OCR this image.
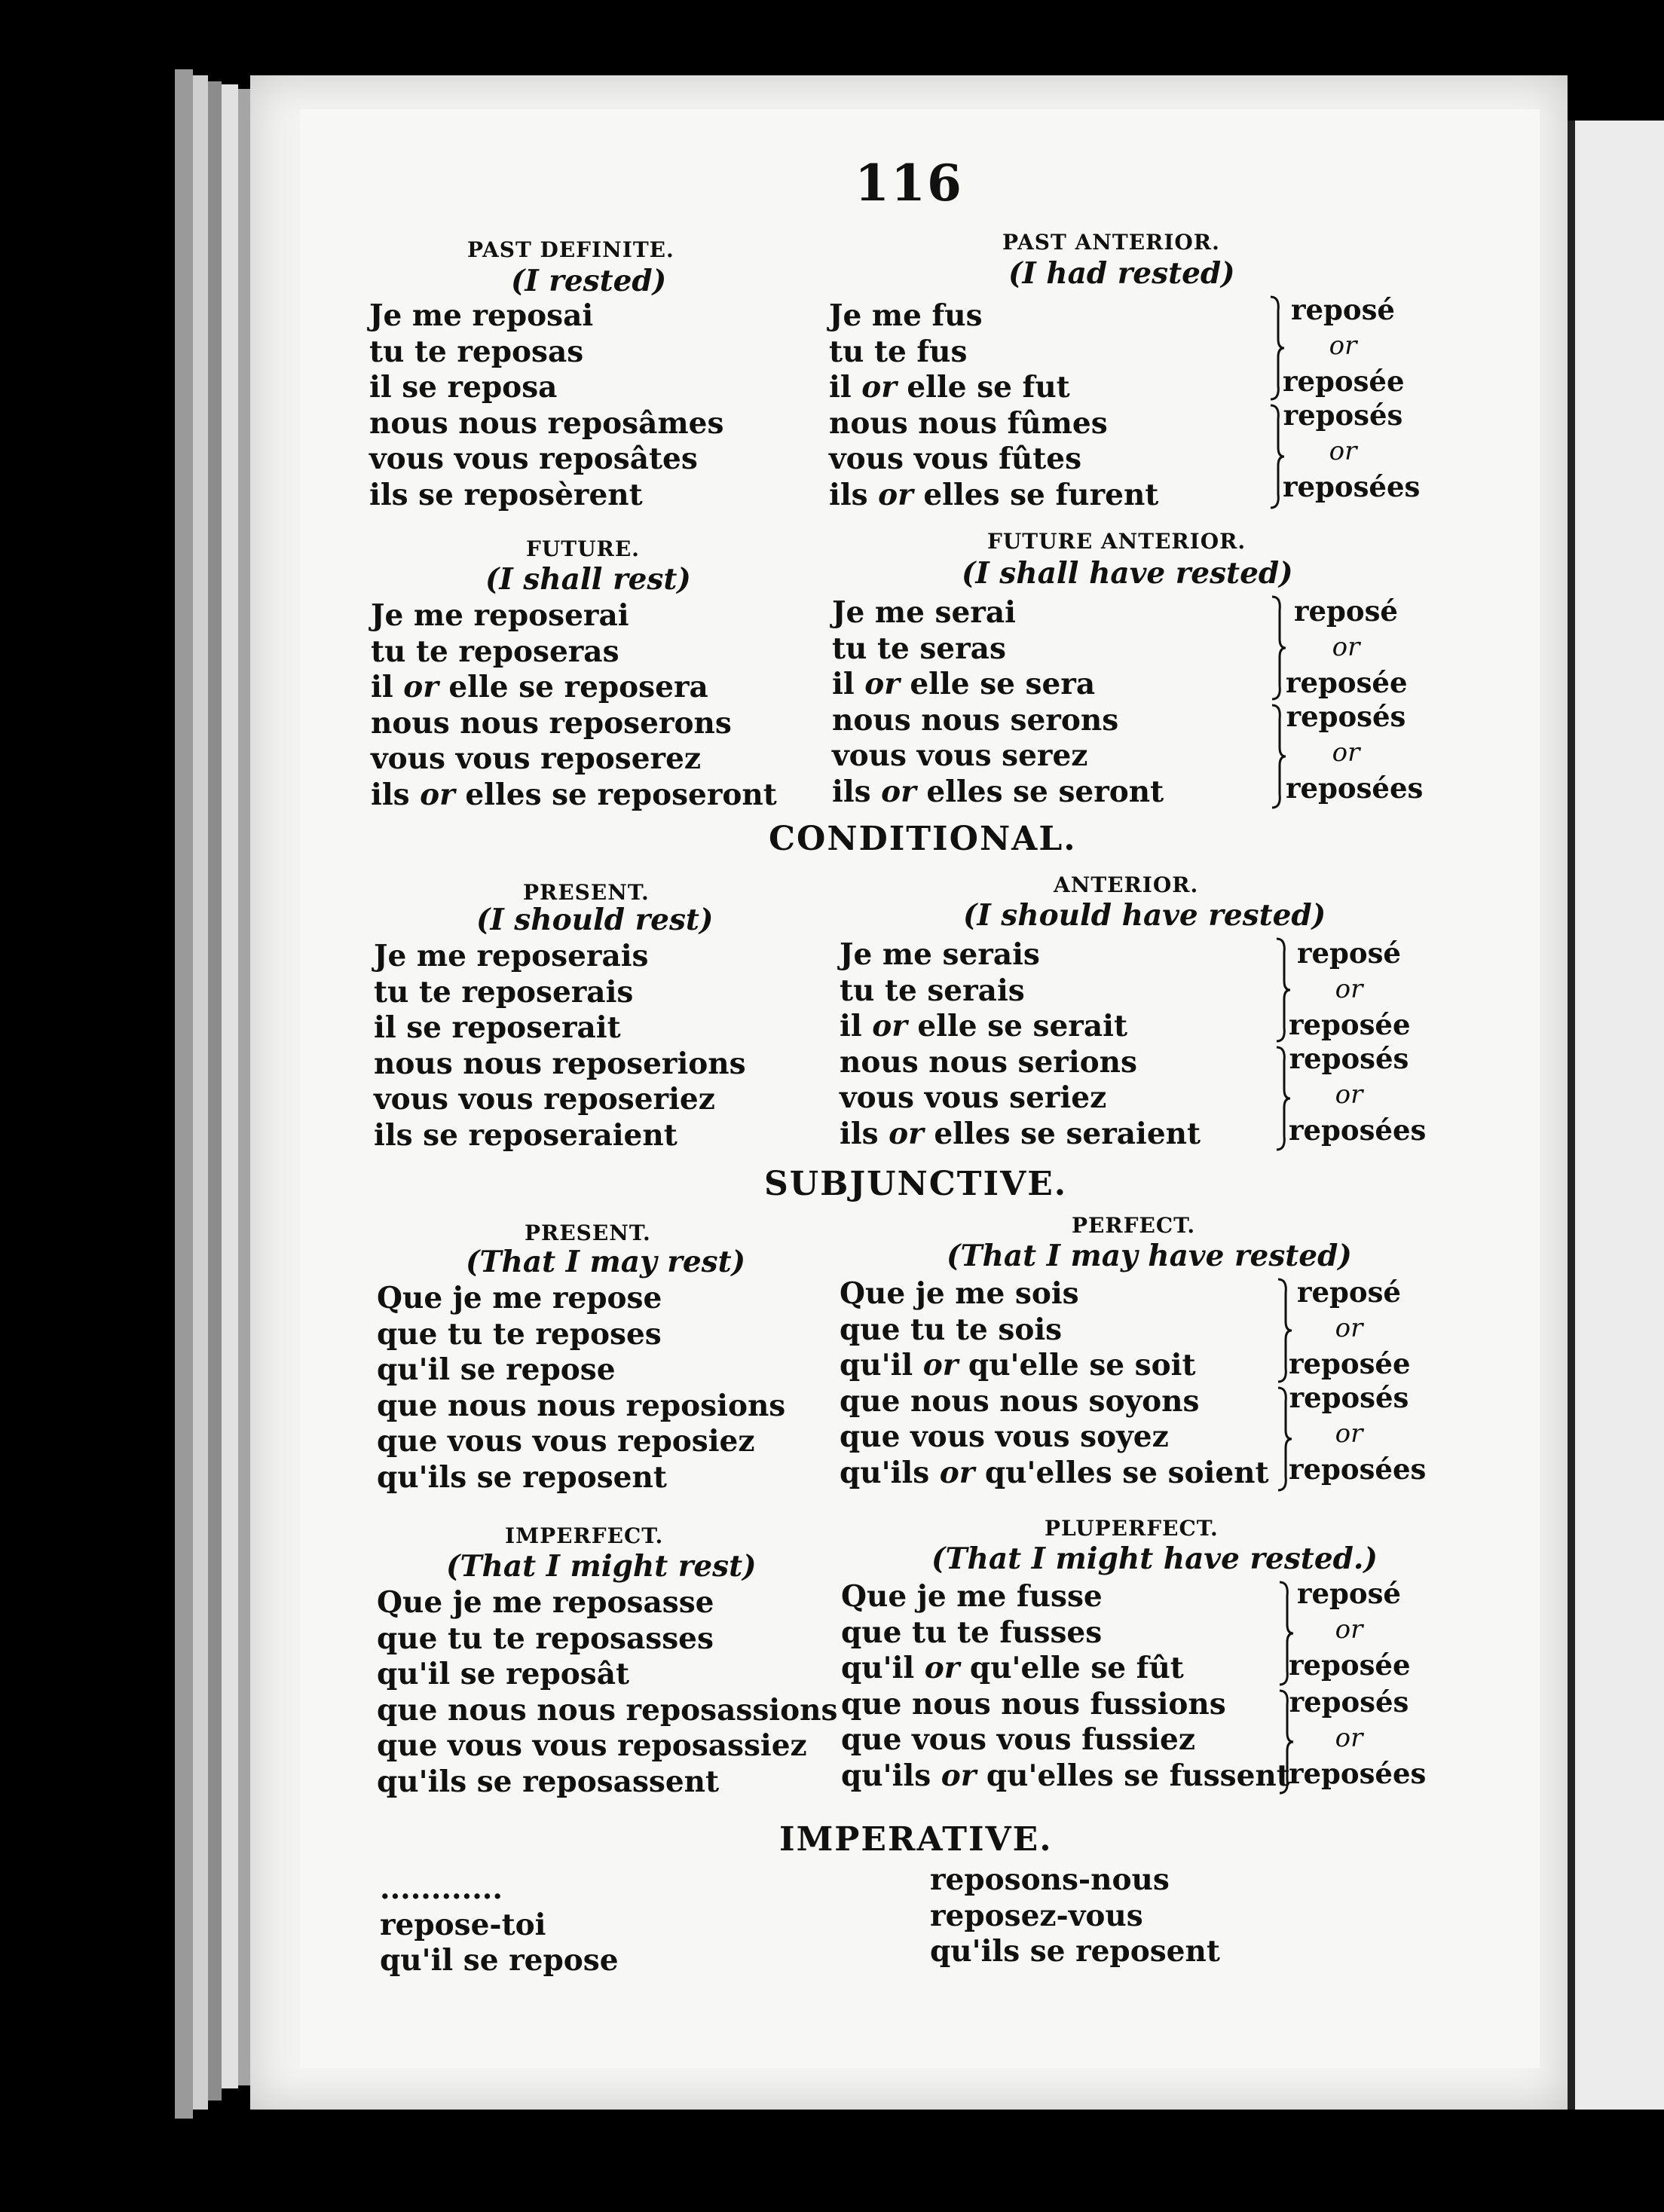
116
PAST DEFINITE.
(I rested)
Je me reposai
tu te reposas
il se reposa
nous nous reposâmes
vous vous reposâtes
ils se reposèrent
PAST ANTERIOR.
(I had rested)
Je me fus
tu te fus
il or elle se fut
nous nous fûmes
vous vous fûtes
ils or elles se furent
reposé
or
reposée
reposés
or
reposées
FUTURE.
(I shall rest)
Je me reposerai
tu te reposeras
il or elle se reposera
nous nous reposerons
vous vous reposerez
ils or elles se reposeront
FUTURE ANTERIOR.
(I shall have rested)
Je me serai
tu te seras
il or elle se sera
nous nous serons
vous vous serez
ils or elles se seront
reposé
or
reposée
reposés
or
reposées
CONDITIONAL.
PRESENT.
(I should rest)
Je me reposerais
tu te reposerais
il se reposerait
nous nous reposerions
vous vous reposeriez
ils se reposeraient
ANTERIOR.
(I should have rested)
Je me serais
tu te serais
il or elle se serait
nous nous serions
vous vous seriez
ils or elles se seraient
reposé
or
reposée
reposés
or
reposées
SUBJUNCTIVE.
PRESENT.
(That I may rest)
Que je me repose
que tu te reposes
qu'il se repose
que nous nous reposions
que vous vous reposiez
qu'ils se reposent
PERFECT.
(That I may have rested)
Que je me sois
que tu te sois
qu'il or qu'elle se soit
que nous nous soyons
que vous vous soyez
qu'ils or qu'elles se soient
reposé
or
reposée
reposés
or
reposées
IMPERFECT.
(That I might rest)
Que je me reposasse
que tu te reposasses
qu'il se reposât
que nous nous reposassions
que vous vous reposassiez
qu'ils se reposassent
PLUPERFECT.
(That I might have rested.)
Que je me fusse
que tu te fusses
qu'il or qu'elle se fût
que nous nous fussions
que vous vous fussiez
qu'ils or qu'elles se fussent
reposé
or
reposée
reposés
or
reposées
IMPERATIVE.
............
repose-toi
qu'il se repose
reposons-nous
reposez-vous
qu'ils se reposent
